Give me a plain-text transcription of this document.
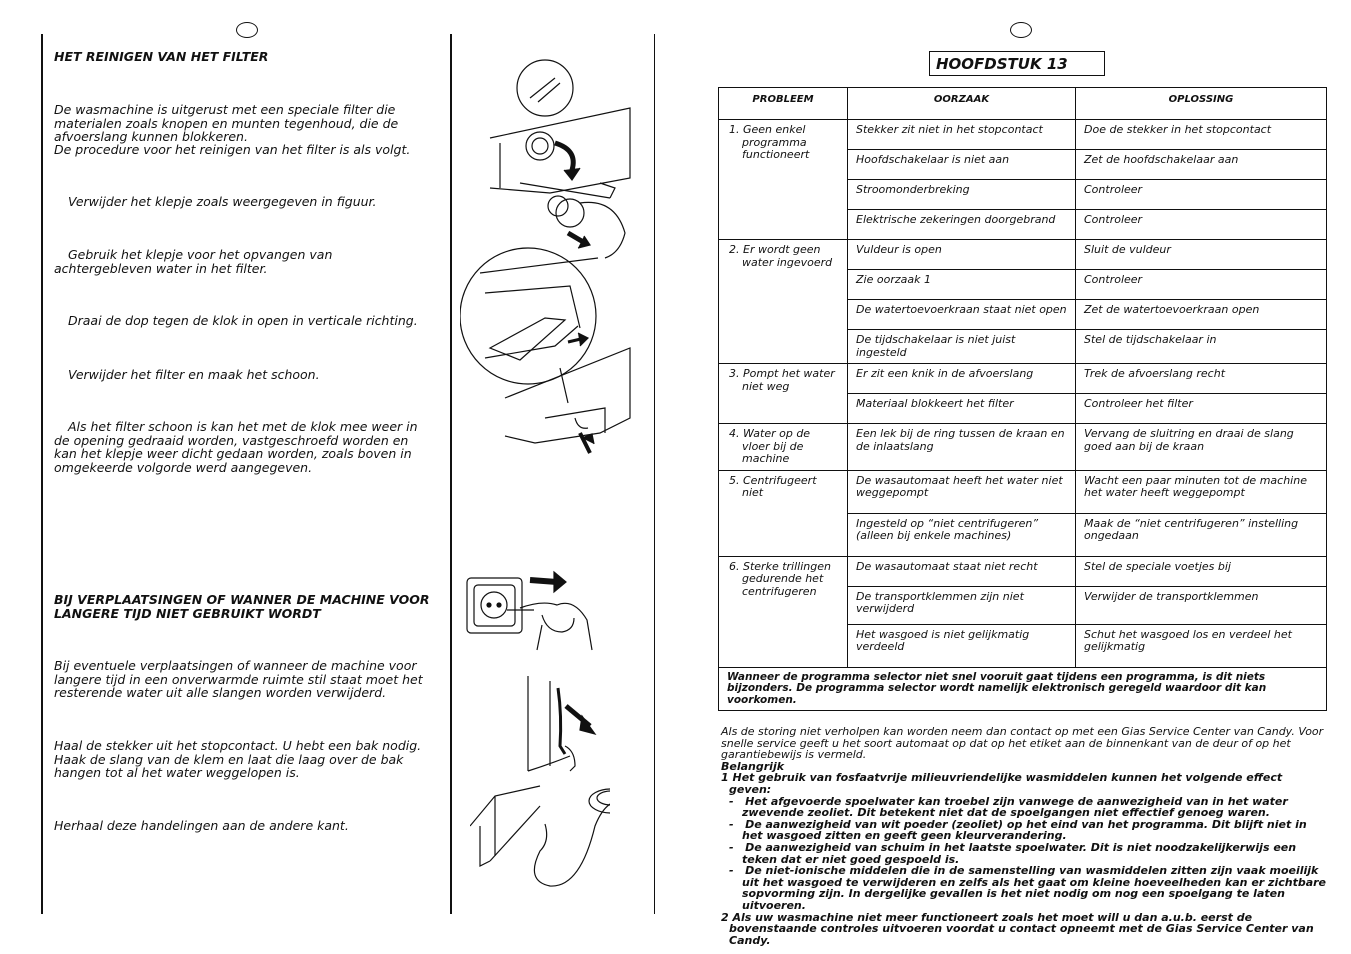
HET REINIGEN VAN HET FILTER
De wasmachine is uitgerust met een speciale filter die materialen zoals knopen en munten tegenhoud, die de afvoerslang kunnen blokkeren.
De procedure voor het reinigen van het filter is als volgt.
Verwijder het klepje zoals weergegeven in figuur.
Gebruik het klepje voor het opvangen van achtergebleven water in het filter.
Draai de dop tegen de klok in open in verticale richting.
Verwijder het filter en maak het schoon.
Als het filter schoon is kan het met de klok mee weer in de opening gedraaid worden, vastgeschroefd worden en kan het klepje weer dicht gedaan worden, zoals boven in omgekeerde volgorde werd aangegeven.
BIJ VERPLAATSINGEN OF WANNER DE MACHINE VOOR LANGERE TIJD NIET GEBRUIKT WORDT
Bij eventuele verplaatsingen of wanneer de machine voor langere tijd in een onverwarmde ruimte stil staat moet het resterende water uit alle slangen worden verwijderd.
Haal de stekker uit het stopcontact. U hebt een bak nodig. Haak de slang van de klem en laat die laag over de bak hangen tot al het water weggelopen is.
Herhaal deze handelingen aan de andere kant.
HOOFDSTUK 13
PROBLEEM	OORZAAK	OPLOSSING

1. Geen enkel programma functioneert	Stekker zit niet in het stopcontact	Doe de stekker in het stopcontact
	Hoofdschakelaar is niet aan	Zet de hoofdschakelaar aan
	Stroomonderbreking	Controleer
	Elektrische zekeringen doorgebrand	Controleer

2. Er wordt geen water ingevoerd	Vuldeur is open	Sluit de vuldeur
	Zie oorzaak 1	Controleer
	De watertoevoerkraan staat niet open	Zet de watertoevoerkraan open
	De tijdschakelaar is niet juist ingesteld	Stel de tijdschakelaar in

3. Pompt het water niet weg	Er zit een knik in de afvoerslang	Trek de afvoerslang recht
	Materiaal blokkeert het filter	Controleer het filter

4. Water op de vloer bij de machine	Een lek bij de ring tussen de kraan en de inlaatslang	Vervang de sluitring en draai de slang goed aan bij de kraan

5. Centrifugeert niet	De wasautomaat heeft het water niet weggepompt	Wacht een paar minuten tot de machine het water heeft weggepompt
	Ingesteld op “niet centrifugeren” (alleen bij enkele machines)	Maak de “niet centrifugeren” instelling ongedaan

6. Sterke trillingen gedurende het centrifugeren	De wasautomaat staat niet recht	Stel de speciale voetjes bij
	De transportklemmen zijn niet verwijderd	Verwijder de transportklemmen
	Het wasgoed is niet gelijkmatig verdeeld	Schut het wasgoed los en verdeel het gelijkmatig
Wanneer de programma selector niet snel vooruit gaat tijdens een programma, is dit niets bijzonders. De programma selector wordt namelijk elektronisch geregeld waardoor dit kan voorkomen.		
Als de storing niet verholpen kan worden neem dan contact op met een Gias Service Center van Candy. Voor snelle service geeft u het soort automaat op dat op het etiket aan de binnenkant van de deur of op het garantiebewijs is vermeld.
Belangrijk
1 Het gebruik van fosfaatvrije milieuvriendelijke wasmiddelen kunnen het volgende effect geven:
-   Het afgevoerde spoelwater kan troebel zijn vanwege de aanwezigheid van in het water zwevende zeoliet. Dit betekent niet dat de spoelgangen niet effectief genoeg waren.
-   De aanwezigheid van wit poeder (zeoliet) op het eind van het programma. Dit blijft niet in het wasgoed zitten en geeft geen kleurverandering.
-   De aanwezigheid van schuim in het laatste spoelwater. Dit is niet noodzakelijkerwijs een teken dat er niet goed gespoeld is.
-   De niet-ionische middelen die in de samenstelling van wasmiddelen zitten zijn vaak moeilijk uit het wasgoed te verwijderen en zelfs als het gaat om kleine hoeveelheden kan er zichtbare sopvorming zijn. In dergelijke gevallen is het niet nodig om nog een spoelgang te laten uitvoeren.
2 Als uw wasmachine niet meer functioneert zoals het moet will u dan a.u.b. eerst de bovenstaande controles uitvoeren voordat u contact opneemt met de Gias Service Center van Candy.
